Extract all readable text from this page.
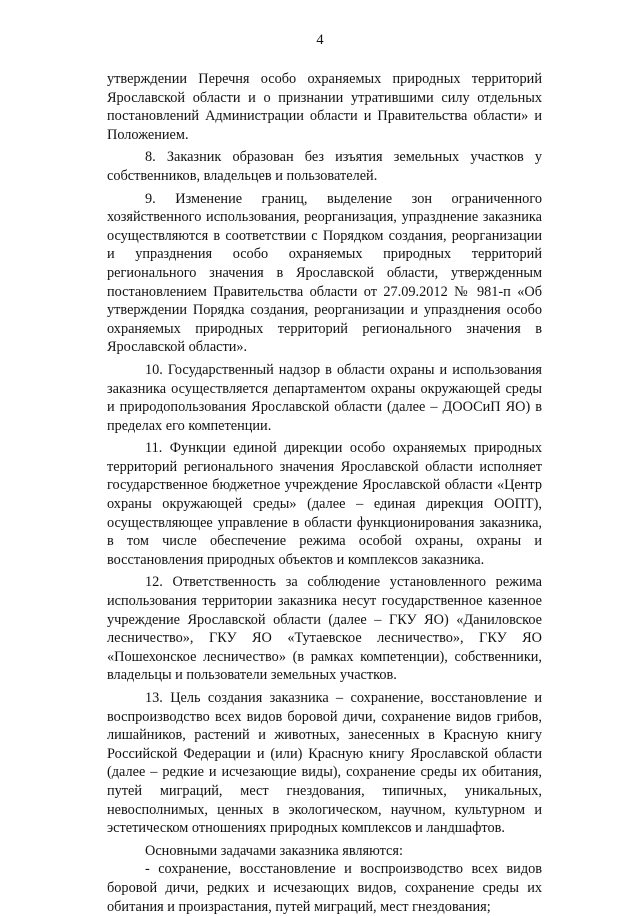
4

утверждении Перечня особо охраняемых природных территорий Ярославской области и о признании утратившими силу отдельных постановлений Администрации области и Правительства области» и Положением.

8. Заказник образован без изъятия земельных участков у собственников, владельцев и пользователей.

9. Изменение границ, выделение зон ограниченного хозяйственного использования, реорганизация, упразднение заказника осуществляются в соответствии с Порядком создания, реорганизации и упразднения особо охраняемых природных территорий регионального значения в Ярославской области, утвержденным постановлением Правительства области от 27.09.2012 № 981-п «Об утверждении Порядка создания, реорганизации и упразднения особо охраняемых природных территорий регионального значения в Ярославской области».

10. Государственный надзор в области охраны и использования заказника осуществляется департаментом охраны окружающей среды и природопользования Ярославской области (далее – ДООСиП ЯО) в пределах его компетенции.

11. Функции единой дирекции особо охраняемых природных территорий регионального значения Ярославской области исполняет государственное бюджетное учреждение Ярославской области «Центр охраны окружающей среды» (далее – единая дирекция ООПТ), осуществляющее управление в области функционирования заказника, в том числе обеспечение режима особой охраны, охраны и восстановления природных объектов и комплексов заказника.

12. Ответственность за соблюдение установленного режима использования территории заказника несут государственное казенное учреждение Ярославской области (далее – ГКУ ЯО) «Даниловское лесничество», ГКУ ЯО «Тутаевское лесничество», ГКУ ЯО «Пошехонское лесничество» (в рамках компетенции), собственники, владельцы и пользователи земельных участков.

13. Цель создания заказника – сохранение, восстановление и воспроизводство всех видов боровой дичи, сохранение видов грибов, лишайников, растений и животных, занесенных в Красную книгу Российской Федерации и (или) Красную книгу Ярославской области (далее – редкие и исчезающие виды), сохранение среды их обитания, путей миграций, мест гнездования, типичных, уникальных, невосполнимых, ценных в экологическом, научном, культурном и эстетическом отношениях природных комплексов и ландшафтов.

Основными задачами заказника являются:

- сохранение, восстановление и воспроизводство всех видов боровой дичи, редких и исчезающих видов, сохранение среды их обитания и произрастания, путей миграций, мест гнездования;
